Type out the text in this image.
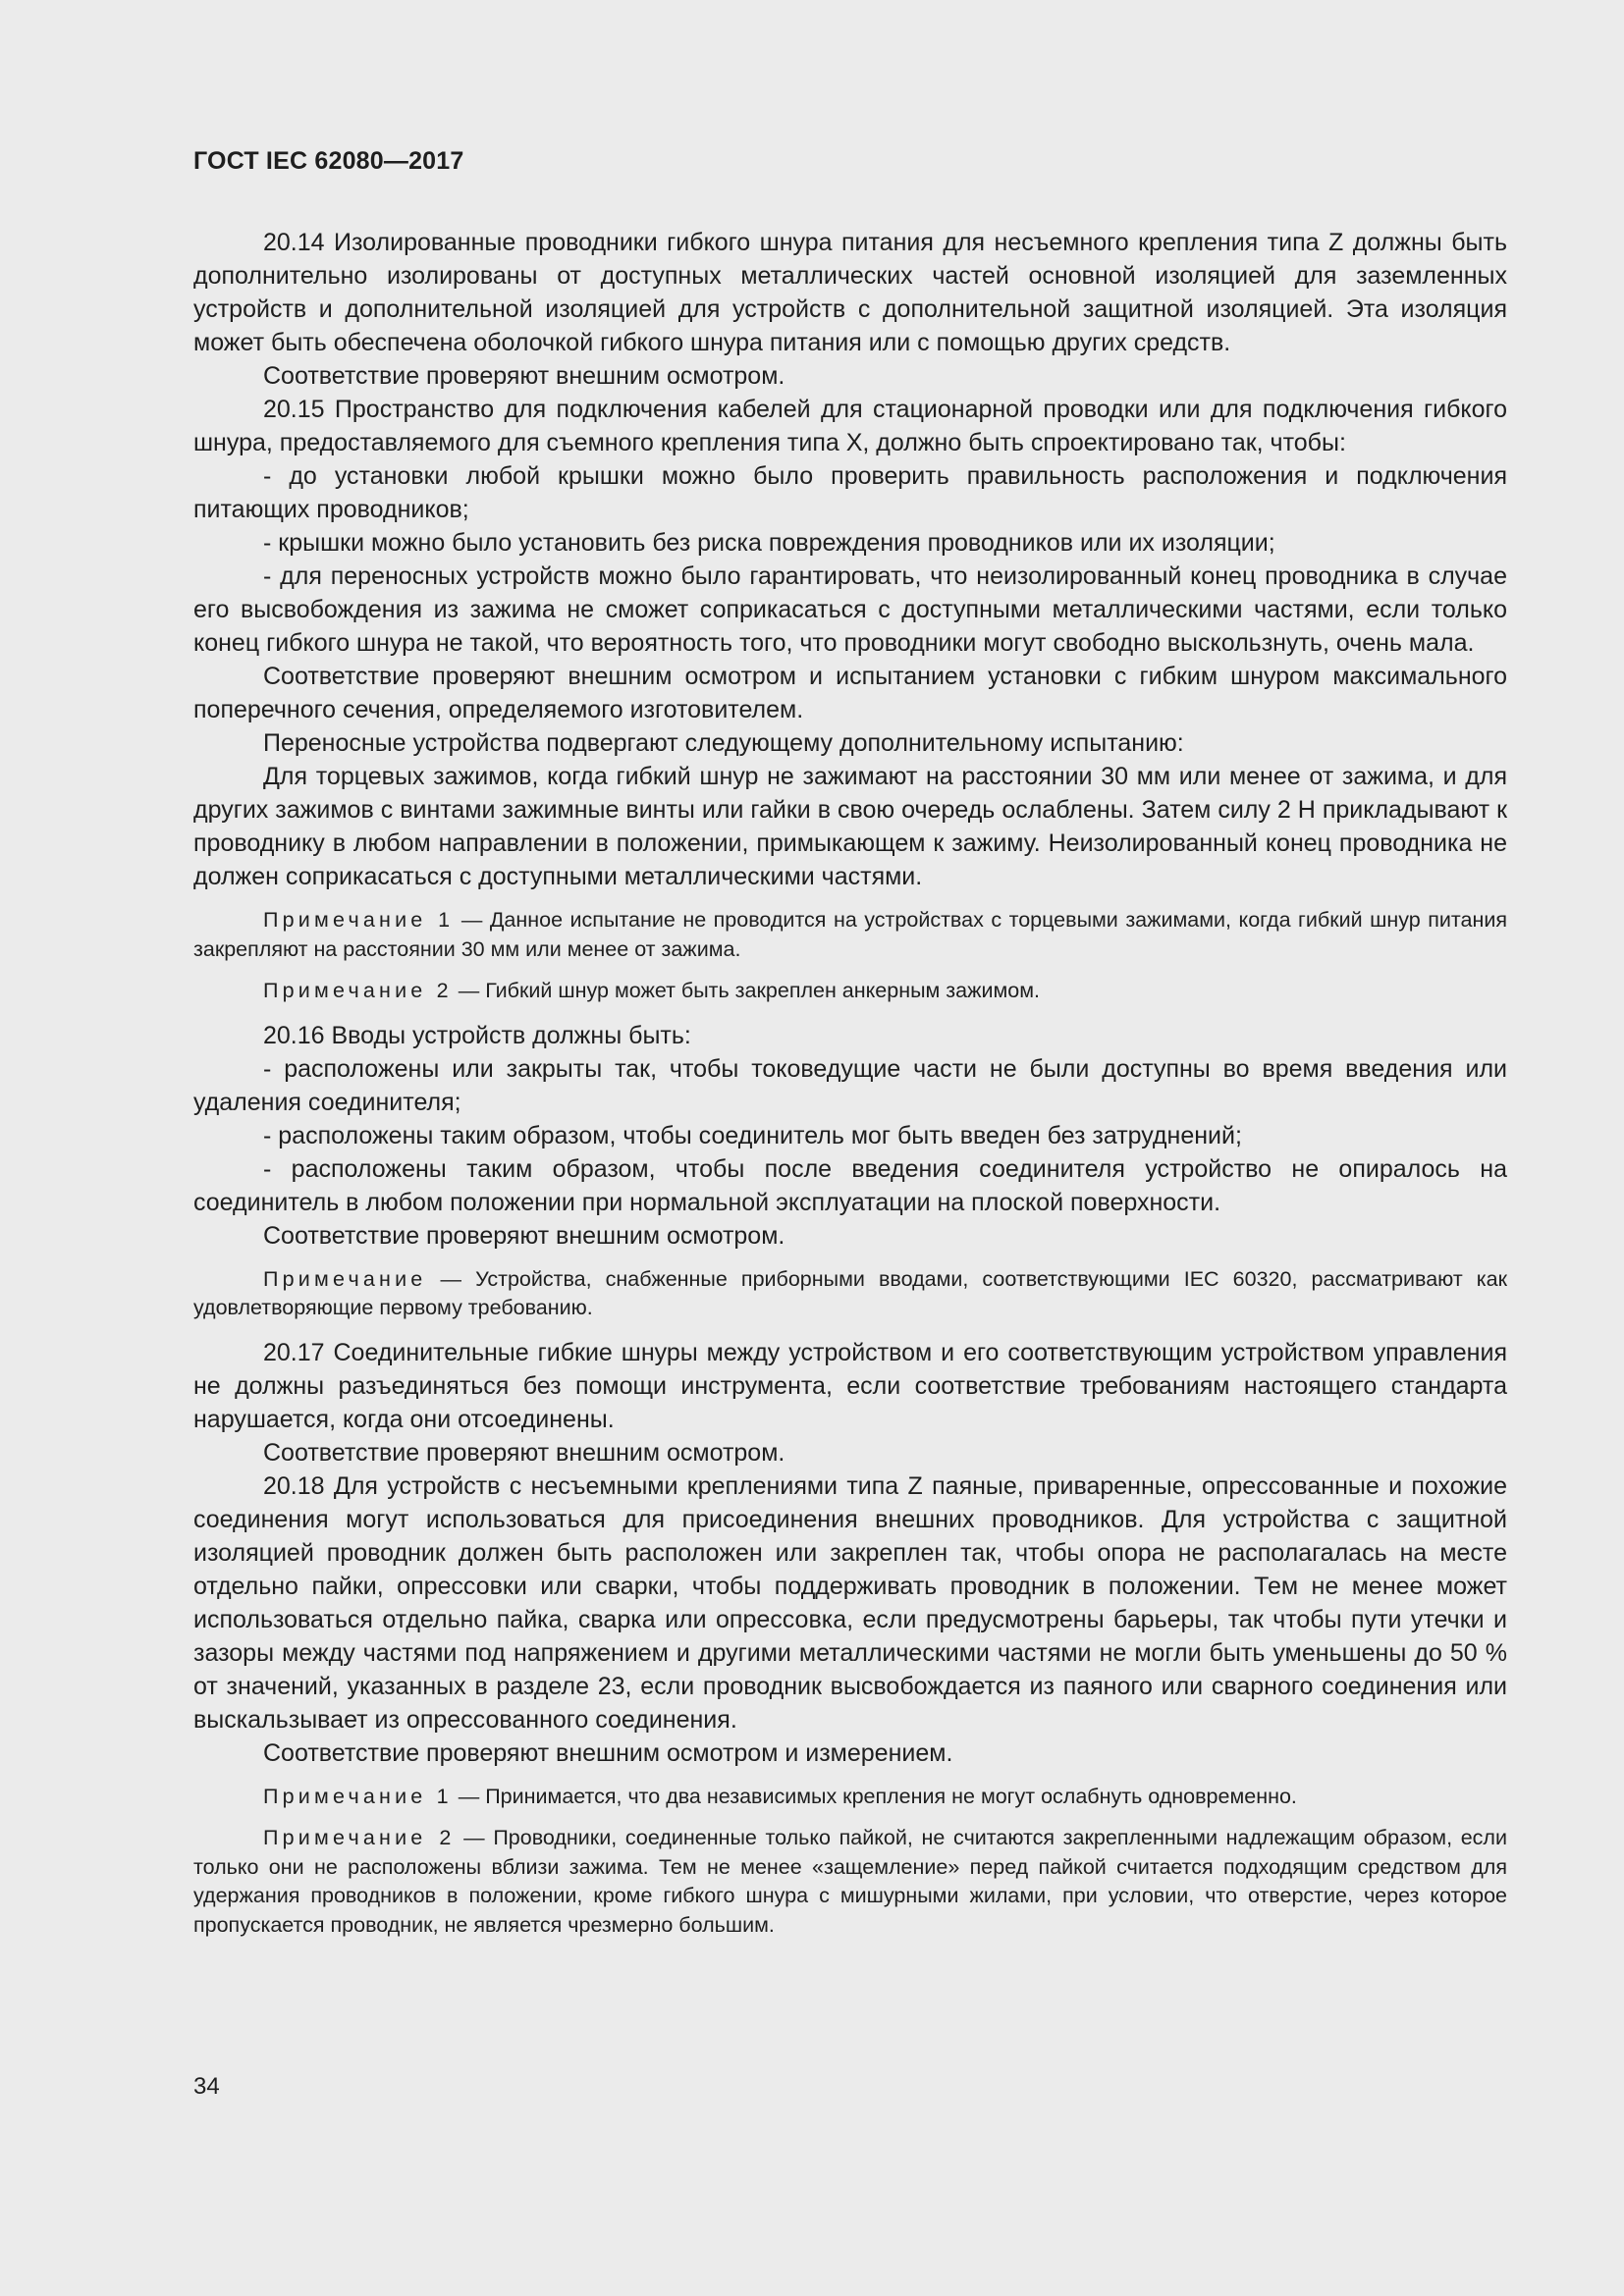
ГОСТ IEC 62080—2017

20.14 Изолированные проводники гибкого шнура питания для несъемного крепления типа Z должны быть дополнительно изолированы от доступных металлических частей основной изоляцией для заземленных устройств и дополнительной изоляцией для устройств с дополнительной защитной изоляцией. Эта изоляция может быть обеспечена оболочкой гибкого шнура питания или с помощью других средств.

Соответствие проверяют внешним осмотром.

20.15 Пространство для подключения кабелей для стационарной проводки или для подключения гибкого шнура, предоставляемого для съемного крепления типа X, должно быть спроектировано так, чтобы:

- до установки любой крышки можно было проверить правильность расположения и подключения питающих проводников;

- крышки можно было установить без риска повреждения проводников или их изоляции;

- для переносных устройств можно было гарантировать, что неизолированный конец проводника в случае его высвобождения из зажима не сможет соприкасаться с доступными металлическими частями, если только конец гибкого шнура не такой, что вероятность того, что проводники могут свободно выскользнуть, очень мала.

Соответствие проверяют внешним осмотром и испытанием установки с гибким шнуром максимального поперечного сечения, определяемого изготовителем.

Переносные устройства подвергают следующему дополнительному испытанию:

Для торцевых зажимов, когда гибкий шнур не зажимают на расстоянии 30 мм или менее от зажима, и для других зажимов с винтами зажимные винты или гайки в свою очередь ослаблены. Затем силу 2 Н прикладывают к проводнику в любом направлении в положении, примыкающем к зажиму. Неизолированный конец проводника не должен соприкасаться с доступными металлическими частями.

Примечание 1 — Данное испытание не проводится на устройствах с торцевыми зажимами, когда гибкий шнур питания закрепляют на расстоянии 30 мм или менее от зажима.

Примечание 2 — Гибкий шнур может быть закреплен анкерным зажимом.

20.16 Вводы устройств должны быть:

- расположены или закрыты так, чтобы токоведущие части не были доступны во время введения или удаления соединителя;

- расположены таким образом, чтобы соединитель мог быть введен без затруднений;

- расположены таким образом, чтобы после введения соединителя устройство не опиралось на соединитель в любом положении при нормальной эксплуатации на плоской поверхности.

Соответствие проверяют внешним осмотром.

Примечание — Устройства, снабженные приборными вводами, соответствующими IEC 60320, рассматривают как удовлетворяющие первому требованию.

20.17 Соединительные гибкие шнуры между устройством и его соответствующим устройством управления не должны разъединяться без помощи инструмента, если соответствие требованиям настоящего стандарта нарушается, когда они отсоединены.

Соответствие проверяют внешним осмотром.

20.18 Для устройств с несъемными креплениями типа Z паяные, приваренные, опрессованные и похожие соединения могут использоваться для присоединения внешних проводников. Для устройства с защитной изоляцией проводник должен быть расположен или закреплен так, чтобы опора не располагалась на месте отдельно пайки, опрессовки или сварки, чтобы поддерживать проводник в положении. Тем не менее может использоваться отдельно пайка, сварка или опрессовка, если предусмотрены барьеры, так чтобы пути утечки и зазоры между частями под напряжением и другими металлическими частями не могли быть уменьшены до 50 % от значений, указанных в разделе 23, если проводник высвобождается из паяного или сварного соединения или выскальзывает из опрессованного соединения.

Соответствие проверяют внешним осмотром и измерением.

Примечание 1 — Принимается, что два независимых крепления не могут ослабнуть одновременно.

Примечание 2 — Проводники, соединенные только пайкой, не считаются закрепленными надлежащим образом, если только они не расположены вблизи зажима. Тем не менее «защемление» перед пайкой считается подходящим средством для удержания проводников в положении, кроме гибкого шнура с мишурными жилами, при условии, что отверстие, через которое пропускается проводник, не является чрезмерно большим.

34
